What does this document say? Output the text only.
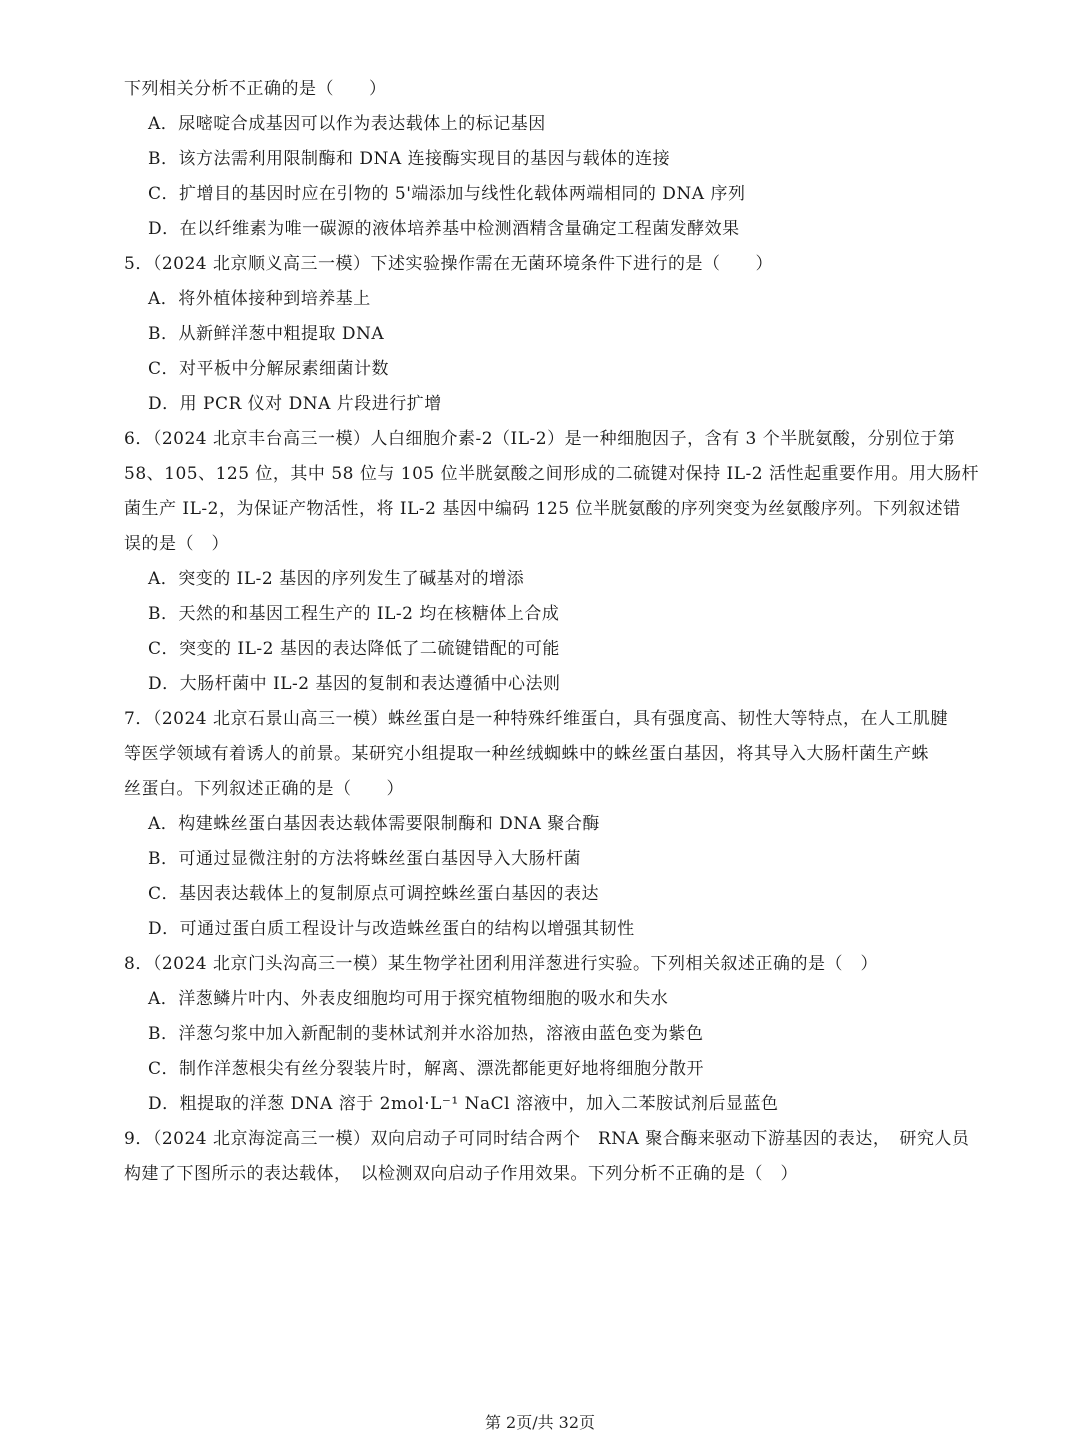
下列相关分析不正确的是（　　）
A．尿嘧啶合成基因可以作为表达载体上的标记基因
B．该方法需利用限制酶和 DNA 连接酶实现目的基因与载体的连接
C．扩增目的基因时应在引物的 5'端添加与线性化载体两端相同的 DNA 序列
D．在以纤维素为唯一碳源的液体培养基中检测酒精含量确定工程菌发酵效果
5．（2024 北京顺义高三一模）下述实验操作需在无菌环境条件下进行的是（　　）
A．将外植体接种到培养基上
B．从新鲜洋葱中粗提取 DNA
C．对平板中分解尿素细菌计数
D．用 PCR 仪对 DNA 片段进行扩增
6．（2024 北京丰台高三一模）人白细胞介素-2（IL-2）是一种细胞因子，含有 3 个半胱氨酸，分别位于第
58、105、125 位，其中 58 位与 105 位半胱氨酸之间形成的二硫键对保持 IL-2 活性起重要作用。用大肠杆
菌生产 IL-2，为保证产物活性，将 IL-2 基因中编码 125 位半胱氨酸的序列突变为丝氨酸序列。下列叙述错
误的是（　）
A．突变的 IL-2 基因的序列发生了碱基对的增添
B．天然的和基因工程生产的 IL-2 均在核糖体上合成
C．突变的 IL-2 基因的表达降低了二硫键错配的可能
D．大肠杆菌中 IL-2 基因的复制和表达遵循中心法则
7．（2024 北京石景山高三一模）蛛丝蛋白是一种特殊纤维蛋白，具有强度高、韧性大等特点，在人工肌腱
等医学领域有着诱人的前景。某研究小组提取一种丝绒蜘蛛中的蛛丝蛋白基因，将其导入大肠杆菌生产蛛
丝蛋白。下列叙述正确的是（　　）
A．构建蛛丝蛋白基因表达载体需要限制酶和 DNA 聚合酶
B．可通过显微注射的方法将蛛丝蛋白基因导入大肠杆菌
C．基因表达载体上的复制原点可调控蛛丝蛋白基因的表达
D．可通过蛋白质工程设计与改造蛛丝蛋白的结构以增强其韧性
8．（2024 北京门头沟高三一模）某生物学社团利用洋葱进行实验。下列相关叙述正确的是（　）
A．洋葱鳞片叶内、外表皮细胞均可用于探究植物细胞的吸水和失水
B．洋葱匀浆中加入新配制的斐林试剂并水浴加热，溶液由蓝色变为紫色
C．制作洋葱根尖有丝分裂装片时，解离、漂洗都能更好地将细胞分散开
D．粗提取的洋葱 DNA 溶于 2mol·L⁻¹ NaCl 溶液中，加入二苯胺试剂后显蓝色
9．（2024 北京海淀高三一模）双向启动子可同时结合两个　RNA 聚合酶来驱动下游基因的表达，　研究人员
构建了下图所示的表达载体，　以检测双向启动子作用效果。下列分析不正确的是（　）
第 2页/共 32页
